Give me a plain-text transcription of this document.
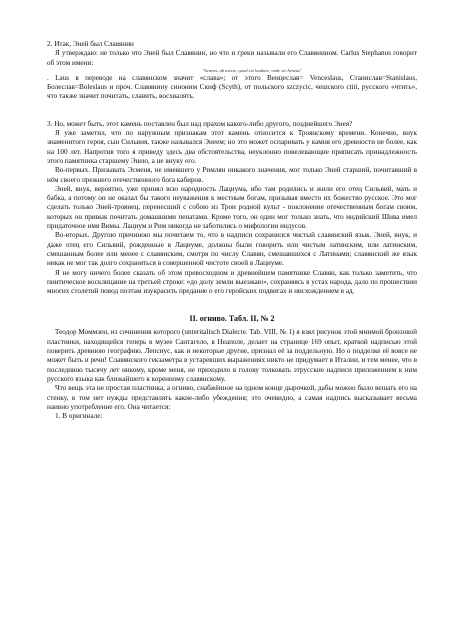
2. Итак, Эней был Славянин

Я утверждаю: не только что Эней был Славянин, но что и греки называли его Славянином. Carlus Stephanus говорит об этом имени:

"Aeneas, ab αινειν, quod est laudare, unde sit Aeneas"

. Laus в переводе на славянском значит «слава»; от этого Венцеслав= Venceslaus, Станислав=Stanislaus, Болеслав=Boleslaus и проч. Славянину синоним Скиф (Scyth), от польского szczycic, чешского ctiti, русского «чтить», что также значит почитать, славить, восхвалять.

3. Но, может быть, этот камень поставлен был над прахом какого-либо другого, позднейшего Энея?

Я уже заметил, что по наружным признакам этот камень относится к Троянскому времени. Конечно, внук знаменитого героя, сын Сильвия, также назывался Энеем; но это может оспаривать у камня его древности не более, как на 100 лет. Напротив того я приведу здесь два обстоятельства, неуклонно повелевающие приписать принадлежность этого памятника старшему Энею, а не внуку его.

Во-первых. Призывать Эсменя, не имевшего у Римлян никакого значения, мог только Эней старший, почитавший в нём своего прежнего отечественного бога кабиров.

Эней, внук, вероятно, уже принял всю народность Лациума, ибо там родились и жили его отец Сильвий, мать и бабка, а потому он не оказал бы такого неуважения к местным богам, призывая вместо их божество русское. Это мог сделать только Эней-троянец, перенесший с собою из Трои родной культ - поклонение отечественным богам своим, которых он привык почитать домашними пенатами. Кроме того, он один мог только знать, что индийский Шива имел придаточное имя Вимы. Лациум и Рим никогда не заботились о мифологии индусов.

Во-вторых. Другою причиною мы почитаем то, что в надписи сохранился чистый славянский язык. Эней, внук, и даже отец его Сильвий, рожденные в Лациуме, должны были говорить или чистым латинским, или латинским, смешанным более или менее с славянским, смотря по числу Славян, смешавшихся с Латинами; славянский же язык никак не мог так долго сохраняться в совершенной чистоте своей в Лациуме.

Я не могу ничего более сказать об этом превосходном и древнейшем памятнике Славян, как только заметить, что пиитическое восклицание на третьей строке: «до долу земли выезжаю», сохраняясь в устах народа, дало по прошествии многих столетий повод поэтам изукрасить предание о его геройских подвигах и нисхождением в ад.

II. огниво. Табл. II, № 2

Теодор Моммзен, из сочинения которого (unteritalisch Dialecte. Tab. VIII, № 1) я взял рисунок этой мнимой бронзовой пластинки, находящейся теперь в музее Сантагело, в Неаполе, делает на странице 169 опыт, краткой надписью этой поверить древнюю географию. Лепсиус, как и некоторые другие, признал её за поддельную. Но о подделке её вовсе не может быть и речи! Славянского гекзаметра в устаревших выражениях никто не придумает в Италии, и тем менее, что в последнюю тысячу лет никому, кроме меня, не приходило в голову толковать этрусские надписи приложением к ним русского языка как ближайшего к коренному славянскому.

Что вещь эта не простая пластинка, а огниво, снабжённое на одном конце дырочкой, дабы можно было вешать его на стенку, в том нет нужды представлять какие-либо убеждения; это очевидно, а самая надпись высказывает весьма наивно употребление его. Она читается:

1. В оригинале:
